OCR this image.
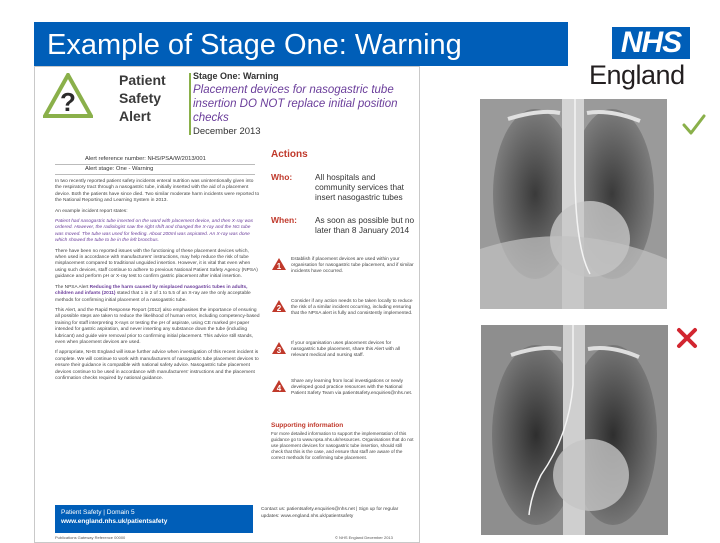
Example of Stage One: Warning	NHS
England
?
Patient
Safety
Alert
Stage One: Warning
Placement devices for nasogastric tube insertion DO NOT replace initial position checks
December 2013
Alert reference number: NHS/PSA/W/2013/001
Alert stage: One - Warning

In two recently reported patient safety incidents enteral nutrition was unintentionally given into the respiratory tract through a nasogastric tube, initially inserted with the aid of a placement device. Both the patients have since died. Two similar moderate harm incidents were reported to the National Reporting and Learning System in 2013.

An example incident report states:

Patient had nasogastric tube inserted on the ward with placement device, and then X-ray was ordered. However, the radiologist saw the right shift and changed the X-ray and the NG tube was moved. The tube was used for feeding. About 200ml was aspirated. An X-ray was done which showed the tube to be in the left bronchus.

There have been no reported issues with the functioning of these placement devices which, when used in accordance with manufacturers' instructions, may help reduce the risk of tube misplacement compared to traditional unguided insertion. However, it is vital that even when using such devices, staff continue to adhere to previous National Patient Safety Agency (NPSA) guidance and perform pH or X-ray test to confirm gastric placement after initial insertion.

The NPSA Alert Reducing the harm caused by misplaced nasogastric tubes in adults, children and infants (2011) stated that 1 in 2 of 1 to 5.5 of an X-ray are the only acceptable methods for confirming initial placement of a nasogastric tube.

This Alert, and the Rapid Response Report (2012) also emphasises the importance of ensuring all possible steps are taken to reduce the likelihood of human error, including competency-based training for staff interpreting X-rays or testing the pH of aspirate, using CE marked pH paper intended for gastric aspiration, and never inserting any substance down the tube (including lubricant) and guide wire removal prior to confirming initial placement. This advice still stands, even when placement devices are used.

If appropriate, NHS England will issue further advice when investigation of this recent incident is complete. We will continue to work with manufacturers of nasogastric tube placement devices to ensure their guidance is compatible with national safety advice. Nasogastric tube placement devices continue to be used in accordance with manufacturers' instructions and the placement confirmation checks required by national guidance.

Actions
Who:	All hospitals and community services that insert nasogastric tubes
When: As soon as possible but no later than 8 January 2014
1
Establish if placement devices are used within your organisation for nasogastric tube placement, and if similar incidents have occurred.
2
Consider if any action needs to be taken locally to reduce the risk of a similar incident occurring, including ensuring that the NPSA alert is fully and consistently implemented.
3
If your organisation uses placement devices for nasogastric tube placement, share this Alert with all relevant medical and nursing staff.
4
Share any learning from local investigations or newly developed good practice resources with the National Patient Safety Team via patientsafety.enquiries@nhs.net.
Supporting information
For more detailed information to support the implementation of this guidance go to www.npsa.nhs.uk/resources. Organisations that do not use placement devices for nasogastric tube insertion, should still check that this is the case, and ensure that staff are aware of the correct methods for confirming tube placement.
Patient Safety | Domain 5
www.england.nhs.uk/patientsafety
Contact us: patientsafety.enquiries@nhs.net | Sign up for regular updates: www.england.nhs.uk/patientsafety
Publications Gateway Reference 00000	© NHS England December 2013
